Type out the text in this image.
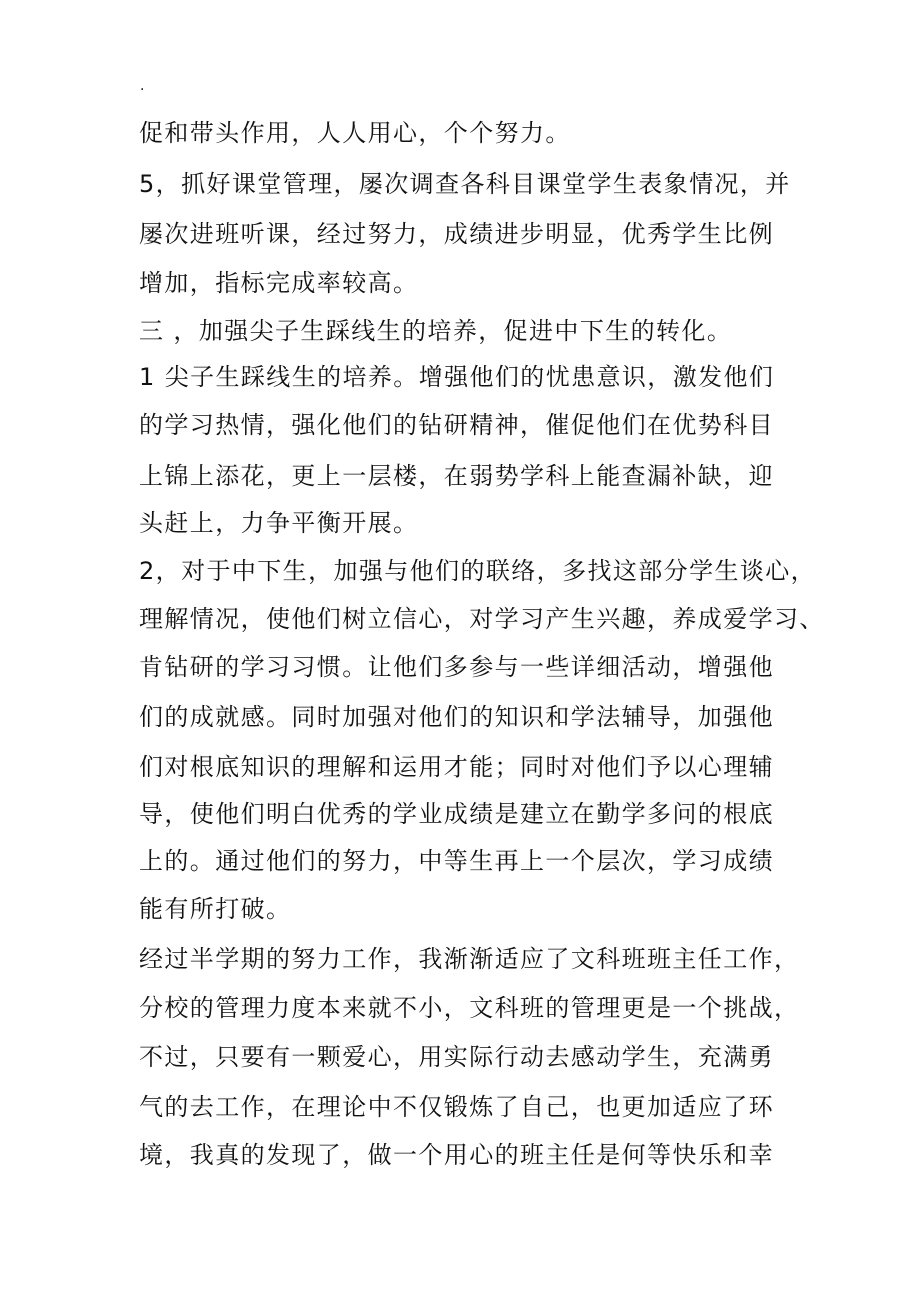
.
促和带头作用，人人用心，个个努力。
5，抓好课堂管理，屡次调查各科目课堂学生表象情况，并
屡次进班听课，经过努力，成绩进步明显，优秀学生比例
增加，指标完成率较高。
三 ，加强尖子生踩线生的培养，促进中下生的转化。
1 尖子生踩线生的培养。增强他们的忧患意识，激发他们
的学习热情，强化他们的钻研精神，催促他们在优势科目
上锦上添花，更上一层楼，在弱势学科上能查漏补缺，迎
头赶上，力争平衡开展。
2，对于中下生，加强与他们的联络，多找这部分学生谈心，
理解情况，使他们树立信心，对学习产生兴趣，养成爱学习、
肯钻研的学习习惯。让他们多参与一些详细活动，增强他
们的成就感。同时加强对他们的知识和学法辅导，加强他
们对根底知识的理解和运用才能；同时对他们予以心理辅
导，使他们明白优秀的学业成绩是建立在勤学多问的根底
上的。通过他们的努力，中等生再上一个层次，学习成绩
能有所打破。
经过半学期的努力工作，我渐渐适应了文科班班主任工作，
分校的管理力度本来就不小，文科班的管理更是一个挑战，
不过，只要有一颗爱心，用实际行动去感动学生，充满勇
气的去工作，在理论中不仅锻炼了自己，也更加适应了环
境，我真的发现了，做一个用心的班主任是何等快乐和幸
